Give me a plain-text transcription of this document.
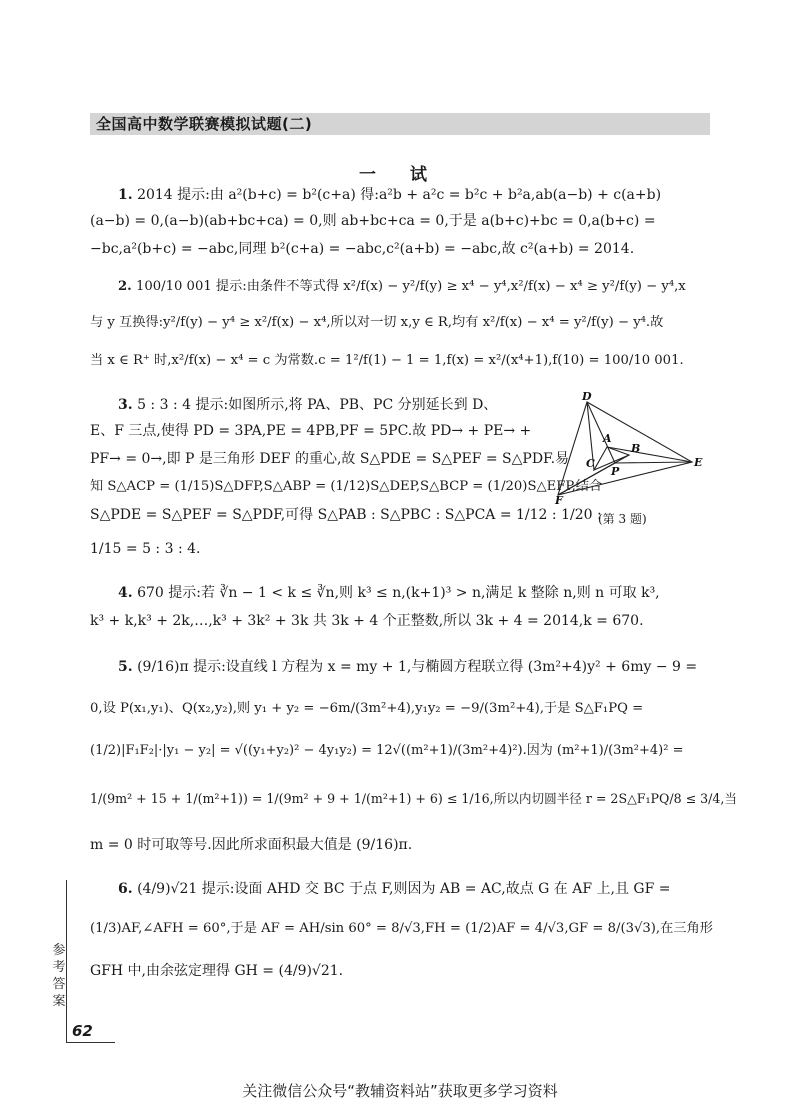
全国高中数学联赛模拟试题(二)
一 试
1. 2014 提示:由 a²(b+c) = b²(c+a) 得:a²b + a²c = b²c + b²a,ab(a−b) + c(a+b)
(a−b) = 0,(a−b)(ab+bc+ca) = 0,则 ab+bc+ca = 0,于是 a(b+c)+bc = 0,a(b+c) =
−bc,a²(b+c) = −abc,同理 b²(c+a) = −abc,c²(a+b) = −abc,故 c²(a+b) = 2014.
2. 100/10 001 提示:由条件不等式得 x²/f(x) − y²/f(y) ≥ x⁴ − y⁴,x²/f(x) − x⁴ ≥ y²/f(y) − y⁴,x
与 y 互换得:y²/f(y) − y⁴ ≥ x²/f(x) − x⁴,所以对一切 x,y ∈ R,均有 x²/f(x) − x⁴ = y²/f(y) − y⁴.故
当 x ∈ R⁺ 时,x²/f(x) − x⁴ = c 为常数.c = 1²/f(1) − 1 = 1,f(x) = x²/(x⁴+1),f(10) = 100/10 001.
3. 5 : 3 : 4 提示:如图所示,将 PA、PB、PC 分别延长到 D、
E、F 三点,使得 PD = 3PA,PE = 4PB,PF = 5PC.故 PD→ + PE→ +
PF→ = 0→,即 P 是三角形 DEF 的重心,故 S△PDE = S△PEF = S△PDF.易
知 S△ACP = (1/15)S△DFP,S△ABP = (1/12)S△DEP,S△BCP = (1/20)S△EFP,结合
S△PDE = S△PEF = S△PDF,可得 S△PAB : S△PBC : S△PCA = 1/12 : 1/20 :
1/15 = 5 : 3 : 4.
4. 670 提示:若 ∛n − 1 < k ≤ ∛n,则 k³ ≤ n,(k+1)³ > n,满足 k 整除 n,则 n 可取 k³,
k³ + k,k³ + 2k,…,k³ + 3k² + 3k 共 3k + 4 个正整数,所以 3k + 4 = 2014,k = 670.
5. (9/16)π 提示:设直线 l 方程为 x = my + 1,与椭圆方程联立得 (3m²+4)y² + 6my − 9 =
0,设 P(x₁,y₁)、Q(x₂,y₂),则 y₁ + y₂ = −6m/(3m²+4),y₁y₂ = −9/(3m²+4),于是 S△F₁PQ =
(1/2)|F₁F₂|·|y₁ − y₂| = √((y₁+y₂)² − 4y₁y₂) = 12√((m²+1)/(3m²+4)²).因为 (m²+1)/(3m²+4)² =
1/(9m² + 15 + 1/(m²+1)) = 1/(9m² + 9 + 1/(m²+1) + 6) ≤ 1/16,所以内切圆半径 r = 2S△F₁PQ/8 ≤ 3/4,当
m = 0 时可取等号.因此所求面积最大值是 (9/16)π.
6. (4/9)√21 提示:设面 AHD 交 BC 于点 F,则因为 AB = AC,故点 G 在 AF 上,且 GF =
(1/3)AF,∠AFH = 60°,于是 AF = AH/sin 60° = 8/√3,FH = (1/2)AF = 4/√3,GF = 8/(3√3),在三角形
GFH 中,由余弦定理得 GH = (4/9)√21.
D
A
B
C
P
E
F
(第 3 题)
参考答案
62
关注微信公众号“教辅资料站”获取更多学习资料
